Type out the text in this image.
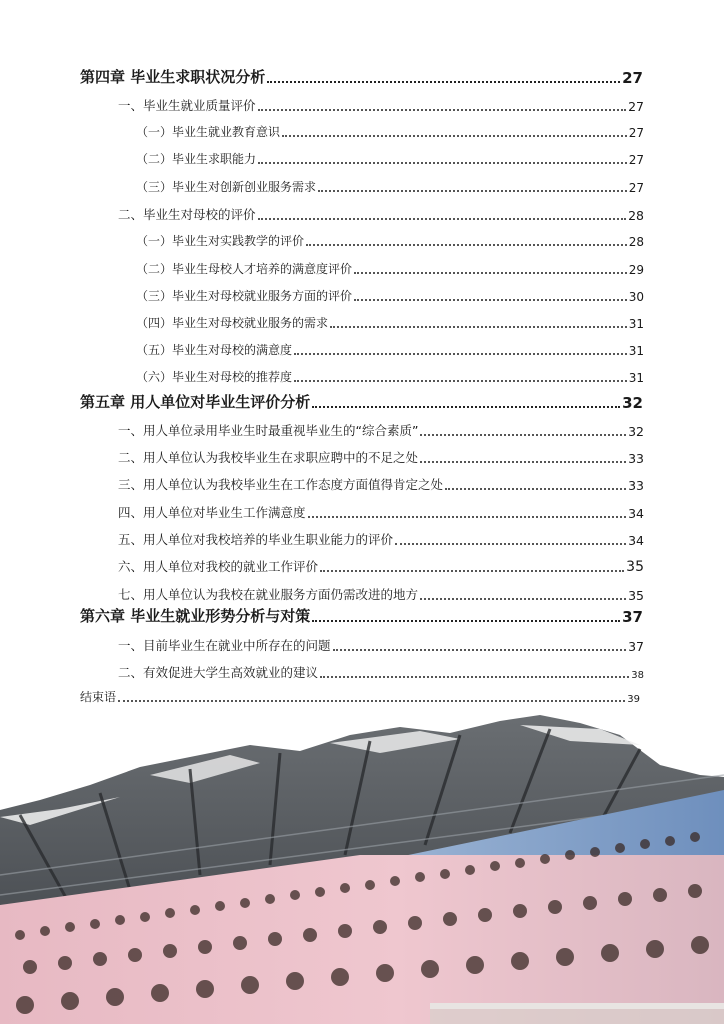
第四章 毕业生求职状况分析	27
一、毕业生就业质量评价	27
（一）毕业生就业教育意识	27
（二）毕业生求职能力	27
（三）毕业生对创新创业服务需求	27
二、毕业生对母校的评价	28
（一）毕业生对实践教学的评价	28
（二）毕业生母校人才培养的满意度评价	29
（三）毕业生对母校就业服务方面的评价	30
（四）毕业生对母校就业服务的需求	31
（五）毕业生对母校的满意度	31
（六）毕业生对母校的推荐度	31
第五章 用人单位对毕业生评价分析	32
一、用人单位录用毕业生时最重视毕业生的“综合素质”	32
二、用人单位认为我校毕业生在求职应聘中的不足之处	33
三、用人单位认为我校毕业生在工作态度方面值得肯定之处	33
四、用人单位对毕业生工作满意度	34
五、用人单位对我校培养的毕业生职业能力的评价	34
六、用人单位对我校的就业工作评价	35
七、用人单位认为我校在就业服务方面仍需改进的地方	35
第六章 毕业生就业形势分析与对策	37
一、目前毕业生在就业中所存在的问题	37
二、有效促进大学生高效就业的建议	38
结束语	39
